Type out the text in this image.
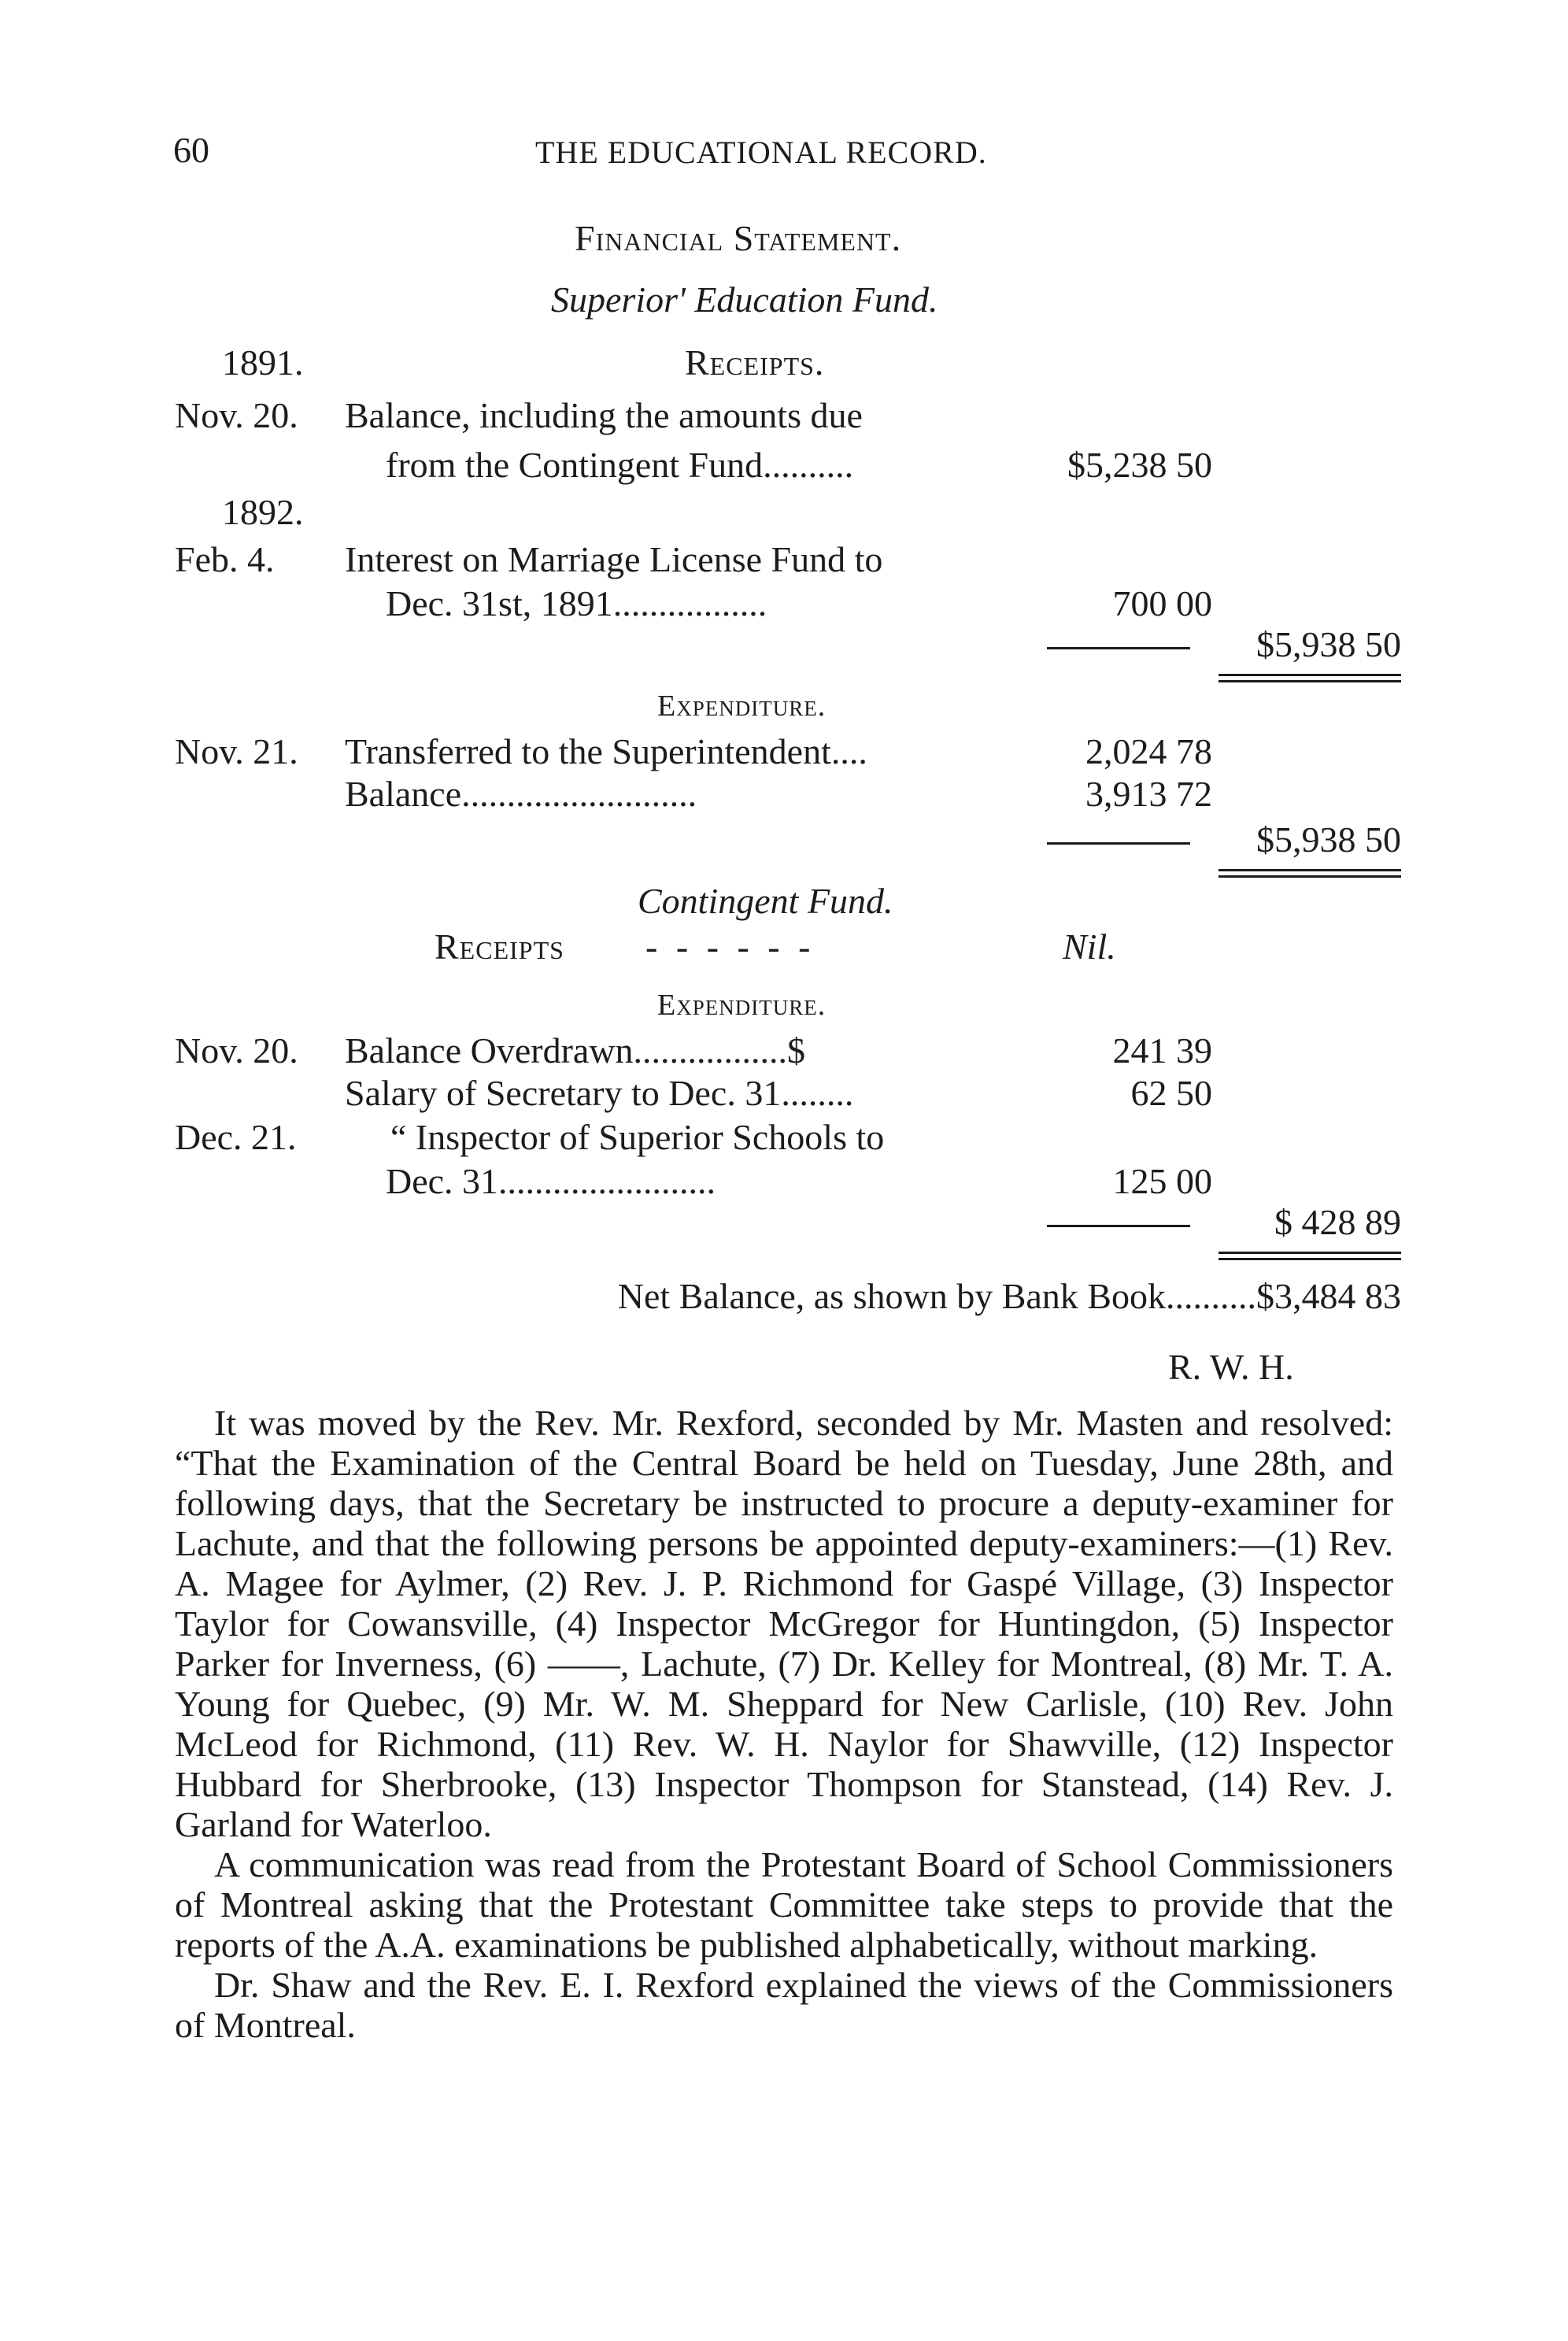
60	THE EDUCATIONAL RECORD.
Financial Statement.
Superior' Education Fund.
1891.	Receipts.
Nov. 20. Balance, including the amounts due
from the Contingent Fund..........	$5,238 50
1892.
Feb. 4. Interest on Marriage License Fund to
Dec. 31st, 1891.................	700 00
$5,938 50
Expenditure.
Nov. 21. Transferred to the Superintendent....	2,024 78
Balance..........................	3,913 72
$5,938 50
Contingent Fund.
Receipts - - - - - -	Nil.
Expenditure.
Nov. 20. Balance Overdrawn.................$	241 39
Salary of Secretary to Dec. 31........	62 50
Dec. 21.	“ Inspector of Superior Schools to
Dec. 31........................	125 00
$ 428 89
Net Balance, as shown by Bank Book..........$3,484 83
R. W. H.

It was moved by the Rev. Mr. Rexford, seconded by Mr. Masten and resolved: “That the Examination of the Central Board be held on Tuesday, June 28th, and following days, that the Secretary be instructed to procure a deputy-examiner for Lachute, and that the following persons be appointed deputy-examiners:—(1) Rev. A. Magee for Aylmer, (2) Rev. J. P. Richmond for Gaspé Village, (3) Inspector Taylor for Cowansville, (4) Inspector McGregor for Huntingdon, (5) Inspector Parker for Inverness, (6) ——, Lachute, (7) Dr. Kelley for Montreal, (8) Mr. T. A. Young for Quebec, (9) Mr. W. M. Sheppard for New Carlisle, (10) Rev. John McLeod for Richmond, (11) Rev. W. H. Naylor for Shawville, (12) Inspector Hubbard for Sherbrooke, (13) Inspector Thompson for Stanstead, (14) Rev. J. Garland for Waterloo.

A communication was read from the Protestant Board of School Commissioners of Montreal asking that the Protestant Committee take steps to provide that the reports of the A.A. examinations be published alphabetically, without marking.

Dr. Shaw and the Rev. E. I. Rexford explained the views of the Commissioners of Montreal.
